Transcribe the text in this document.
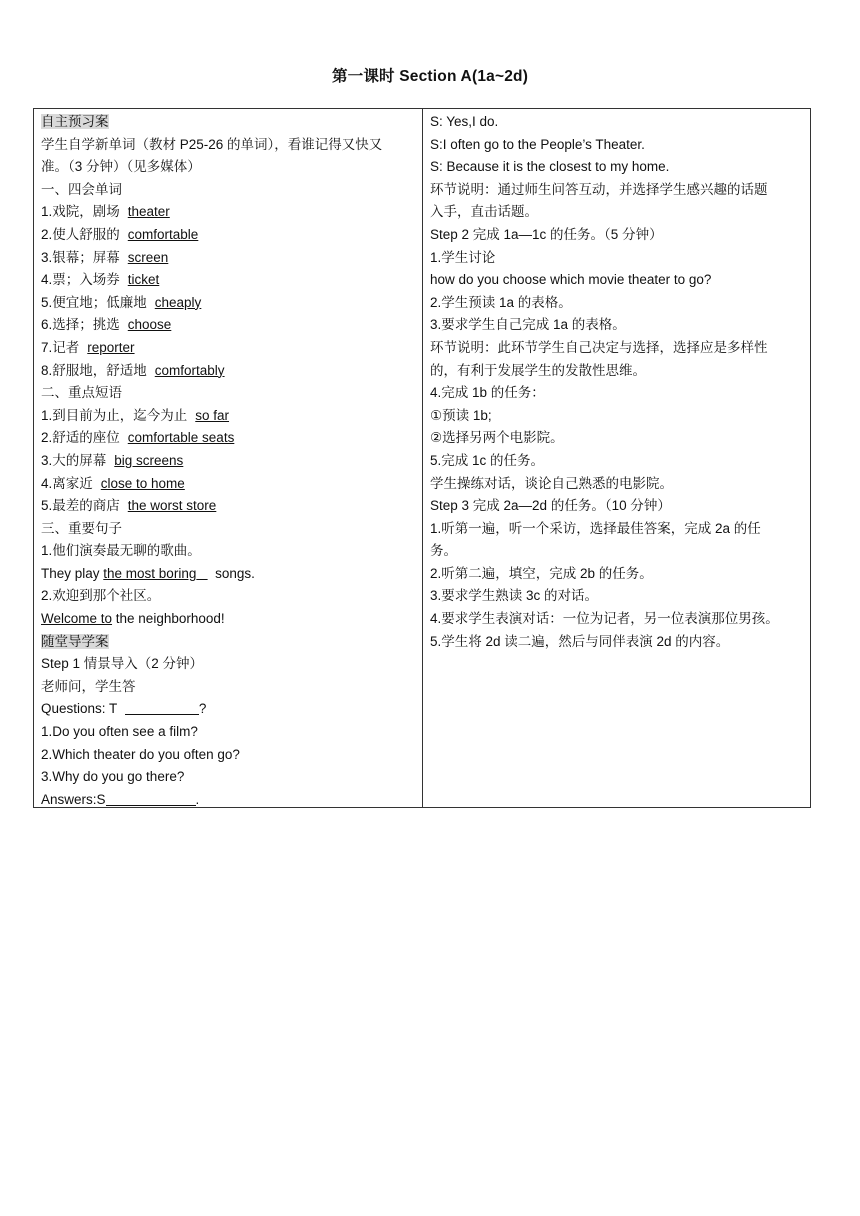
第一课时 Section A(1a~2d)
自主预习案
学生自学新单词（教材 P25-26 的单词），看谁记得又快又
准。（3 分钟）（见多媒体）
一、四会单词
1.戏院，剧场 theater
2.使人舒服的 comfortable
3.银幕；屏幕 screen
4.票；入场券 ticket
5.便宜地；低廉地 cheaply
6.选择；挑选 choose
7.记者 reporter
8.舒服地，舒适地 comfortably
二、重点短语
1.到目前为止，迄今为止 so far
2.舒适的座位 comfortable seats
3.大的屏幕 big screens
4.离家近 close to home
5.最差的商店 the worst store
三、重要句子
1.他们演奏最无聊的歌曲。
They play the most boring songs.
2.欢迎到那个社区。
Welcome to the neighborhood!
随堂导学案
Step 1 情景导入（2 分钟）
老师问，学生答
Questions: T	?
1.Do you often see a film?
2.Which theater do you often go?
3.Why do you go there?
Answers:S	.
S: Yes,I do.
S:I often go to the People’s Theater.
S: Because it is the closest to my home.
环节说明：通过师生问答互动，并选择学生感兴趣的话题
入手，直击话题。
Step 2 完成 1a—1c 的任务。（5 分钟）
1.学生讨论
how do you choose which movie theater to go?
2.学生预读 1a 的表格。
3.要求学生自己完成 1a 的表格。
环节说明：此环节学生自己决定与选择，选择应是多样性
的，有利于发展学生的发散性思维。
4.完成 1b 的任务：
①预读 1b;
②选择另两个电影院。
5.完成 1c 的任务。
学生操练对话，谈论自己熟悉的电影院。
Step 3 完成 2a—2d 的任务。（10 分钟）
1.听第一遍，听一个采访，选择最佳答案，完成 2a 的任
务。
2.听第二遍，填空，完成 2b 的任务。
3.要求学生熟读 3c 的对话。
4.要求学生表演对话：一位为记者，另一位表演那位男孩。
5.学生将 2d 读二遍，然后与同伴表演 2d 的内容。
